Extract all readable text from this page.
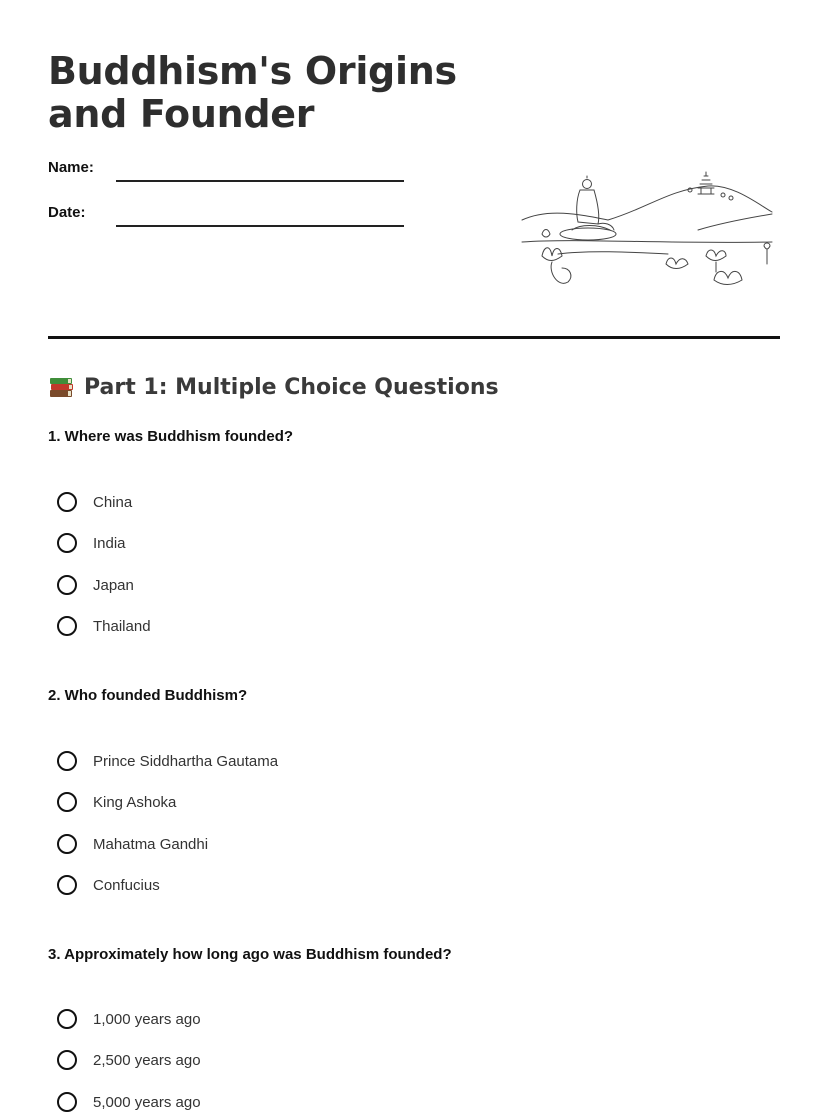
Buddhism's Origins and Founder
Name:
Date:
Part 1: Multiple Choice Questions
1. Where was Buddhism founded?
China
India
Japan
Thailand
2. Who founded Buddhism?
Prince Siddhartha Gautama
King Ashoka
Mahatma Gandhi
Confucius
3. Approximately how long ago was Buddhism founded?
1,000 years ago
2,500 years ago
5,000 years ago
